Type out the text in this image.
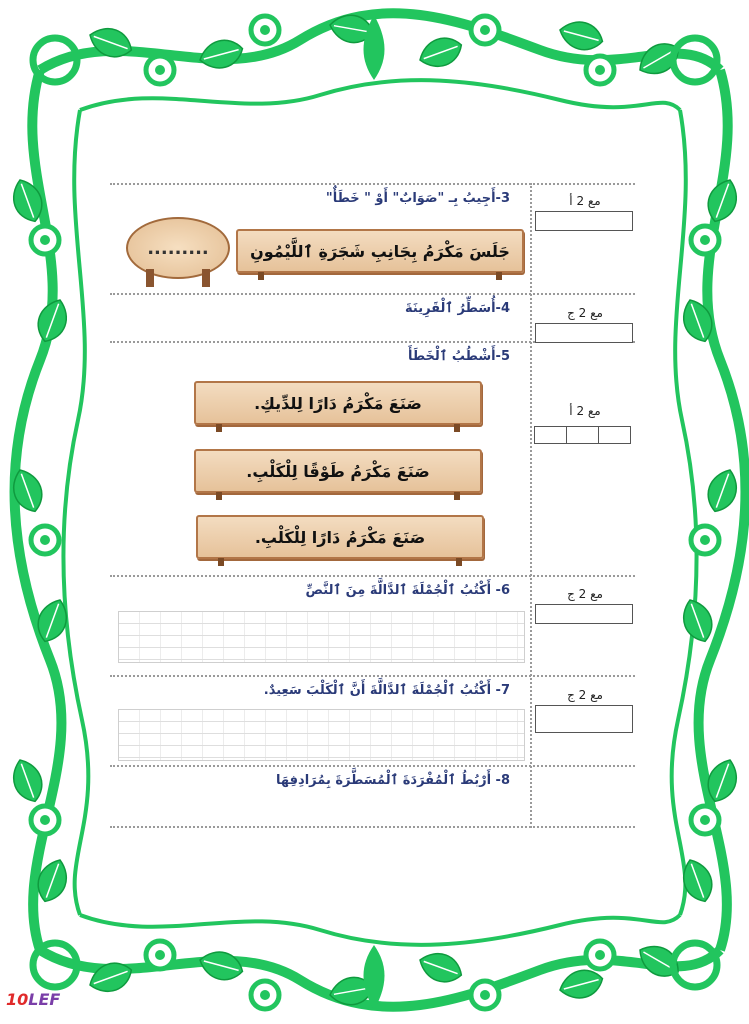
3-أَجِيبُ بِـ "صَوَابٌ" أَوْ " خَطَأٌ"	مع 2 أ
جَلَسَ مَكْرَمُ بِجَانِبِ شَجَرَةِ ٱللَّيْمُونِ
.........
4-أُسَطِّرُ ٱلْقَرِينَةَ	مع 2 ج
5-أَشْطُبُ ٱلْخَطَأَ
مع 2 أ
صَنَعَ مَكْرَمُ دَارًا لِلدِّيكِ.
صَنَعَ مَكْرَمُ طَوْقًا لِلْكَلْبِ.
صَنَعَ مَكْرَمُ دَارًا لِلْكَلْبِ.
6- أَكْتُبُ ٱلْجُمْلَةَ ٱلدَّالَّةَ مِنَ ٱلنَّصِّ	مع 2 ج
7- أَكْتُبُ ٱلْجُمْلَةَ ٱلدَّالَّةَ أَنَّ ٱلْكَلْبَ سَعِيدٌ.	مع 2 ج
8- أَرْبُطُ ٱلْمُفْرَدَةَ ٱلْمُسَطَّرَةَ بِمُرَادِفِهَا
10LEF
